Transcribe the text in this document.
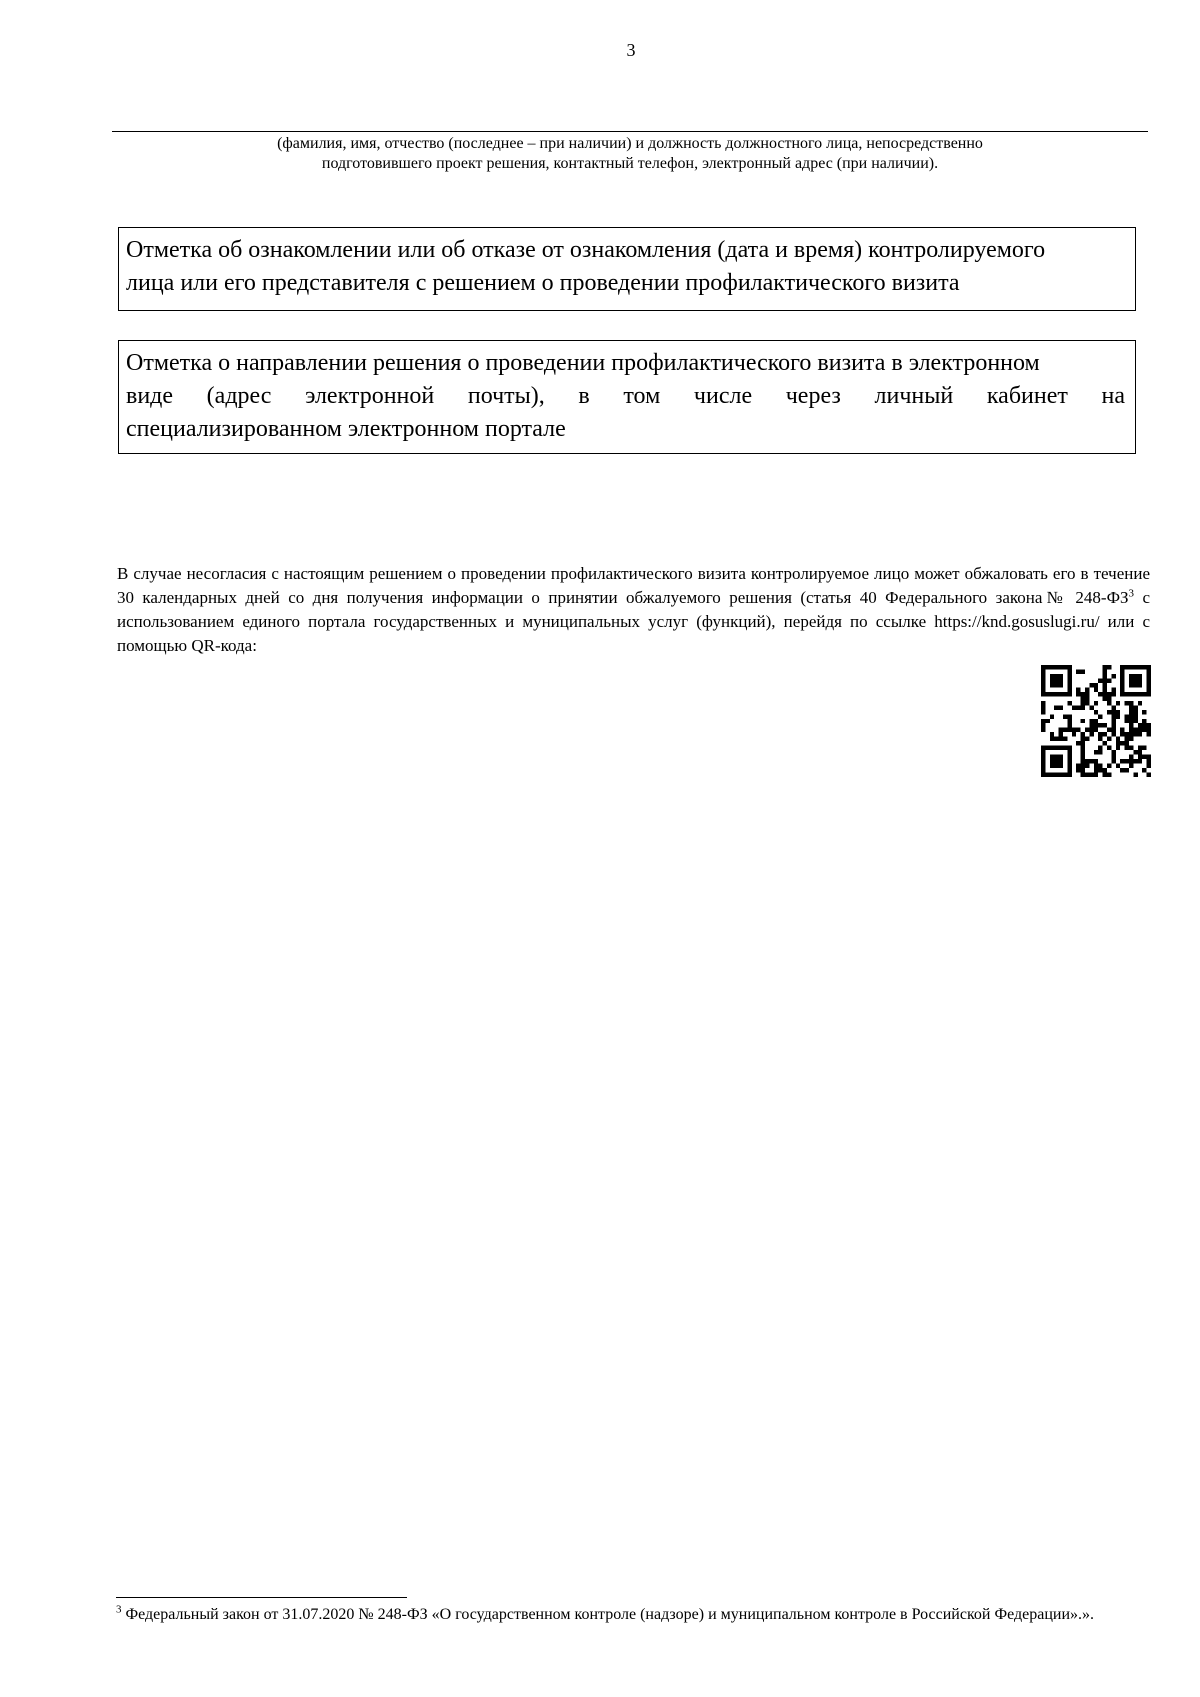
3
(фамилия, имя, отчество (последнее – при наличии) и должность должностного лица, непосредственно
подготовившего проект решения, контактный телефон, электронный адрес (при наличии).
Отметка об ознакомлении или об отказе от ознакомления (дата и время) контролируемого
лица или его представителя с решением о проведении профилактического визита
Отметка о направлении решения о проведении профилактического визита в электронном
виде (адрес электронной почты), в том числе через личный кабинет на
специализированном электронном портале
В случае несогласия с настоящим решением о проведении профилактического визита контролируемое лицо может обжаловать его в течение 30 календарных дней со дня получения информации о принятии обжалуемого решения (статья 40 Федерального закона№ $248-ФЗ^3$ с использованием единого портала государственных и муниципальных услуг (функций), перейдя по ссылке https://knd.gosuslugi.ru/ или с помощью QR-кода:
$^3$ Федеральный закон от 31.07.2020 № 248-ФЗ «О государственном контроле (надзоре) и муниципальном контроле в Российской Федерации».».
